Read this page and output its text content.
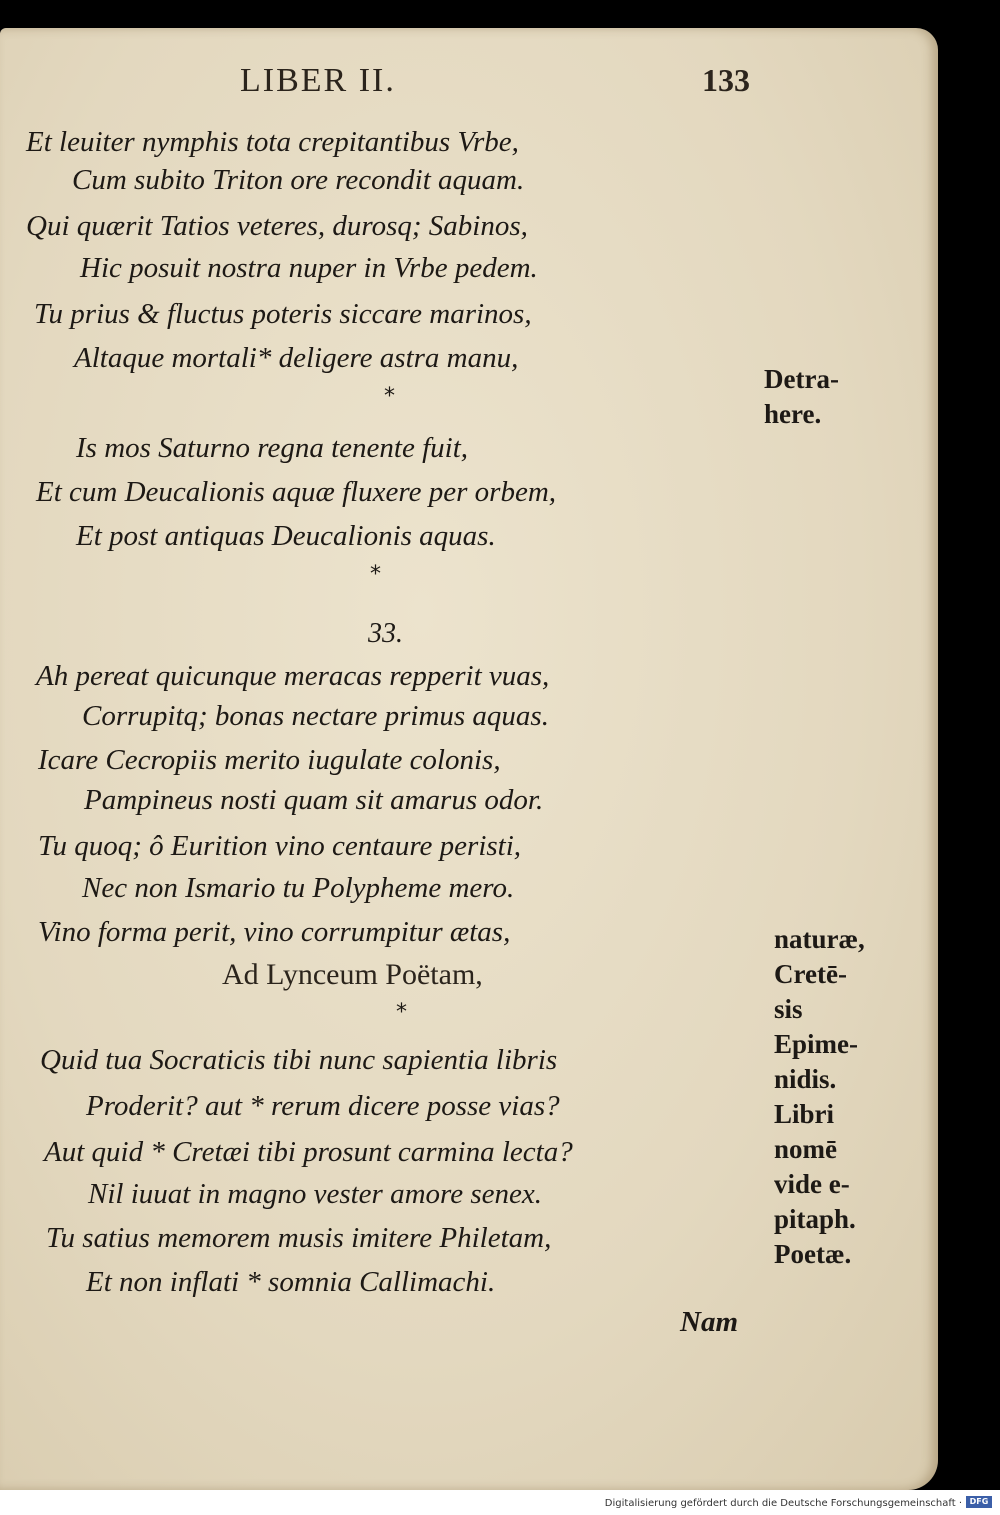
LIBER II.	133
Et leuiter nymphis tota crepitantibus Vrbe,
Cum subito Triton ore recondit aquam.
Qui quærit Tatios veteres, durosq; Sabinos,
Hic posuit nostra nuper in Vrbe pedem.
Tu prius & fluctus poteris siccare marinos,
Altaque mortali* deligere astra manu,
*
Is mos Saturno regna tenente fuit,
Et cum Deucalionis aquæ fluxere per orbem,
Et post antiquas Deucalionis aquas.
*
33.
Ah pereat quicunque meracas repperit vuas,
Corrupitq; bonas nectare primus aquas.
Icare Cecropiis merito iugulate colonis,
Pampineus nosti quam sit amarus odor.
Tu quoq; ô Eurition vino centaure peristi,
Nec non Ismario tu Polypheme mero.
Vino forma perit, vino corrumpitur ætas,
Ad Lynceum Poëtam,
*
Quid tua Socraticis tibi nunc sapientia libris
Proderit? aut * rerum dicere posse vias?
Aut quid * Cretæi tibi prosunt carmina lecta?
Nil iuuat in magno vester amore senex.
Tu satius memorem musis imitere Philetam,
Et non inflati * somnia Callimachi.
Detra-
here.
naturæ,
Cretē-
sis
Epime-
nidis.
Libri
nomē
vide e-
pitaph.
Poetæ.
Nam
Digitalisierung gefördert durch die Deutsche Forschungsgemeinschaft · DFG
